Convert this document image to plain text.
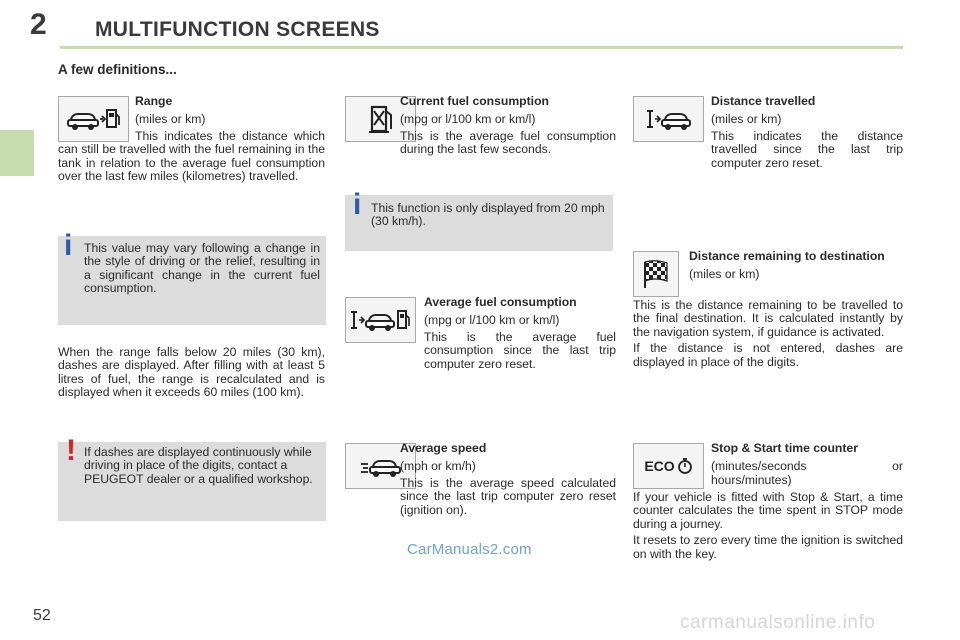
2 MULTIFUNCTION SCREENS
A few definitions...

Range

(miles or km)

This indicates the distance which can still be travelled with the fuel remaining in the tank in relation to the average fuel consumption over the last few miles (kilometres) travelled.
i This value may vary following a change in the style of driving or the relief, resulting in a significant change in the current fuel consumption.
When the range falls below 20 miles (30 km), dashes are displayed. After filling with at least 5 litres of fuel, the range is recalculated and is displayed when it exceeds 60 miles (100 km).
! If dashes are displayed continuously while driving in place of the digits, contact a PEUGEOT dealer or a qualified workshop.

Current fuel consumption

(mpg or l/100 km or km/l)

This is the average fuel consumption during the last few seconds.

i This function is only displayed from 20 mph (30 km/h).

Average fuel consumption

(mpg or l/100 km or km/l)

This is the average fuel consumption since the last trip computer zero reset.

Average speed

(mph or km/h)

This is the average speed calculated since the last trip computer zero reset (ignition on).

Distance travelled

(miles or km)

This indicates the distance travelled since the last trip computer zero reset.

Distance remaining to destination

(miles or km)

This is the distance remaining to be travelled to the final destination. It is calculated instantly by the navigation system, if guidance is activated.

If the distance is not entered, dashes are displayed in place of the digits.

ECO

Stop & Start time counter

(minutes/seconds or hours/minutes)

If your vehicle is fitted with Stop & Start, a time counter calculates the time spent in STOP mode during a journey.

It resets to zero every time the ignition is switched on with the key.

CarManuals2.com
52	carmanualsonline.info
